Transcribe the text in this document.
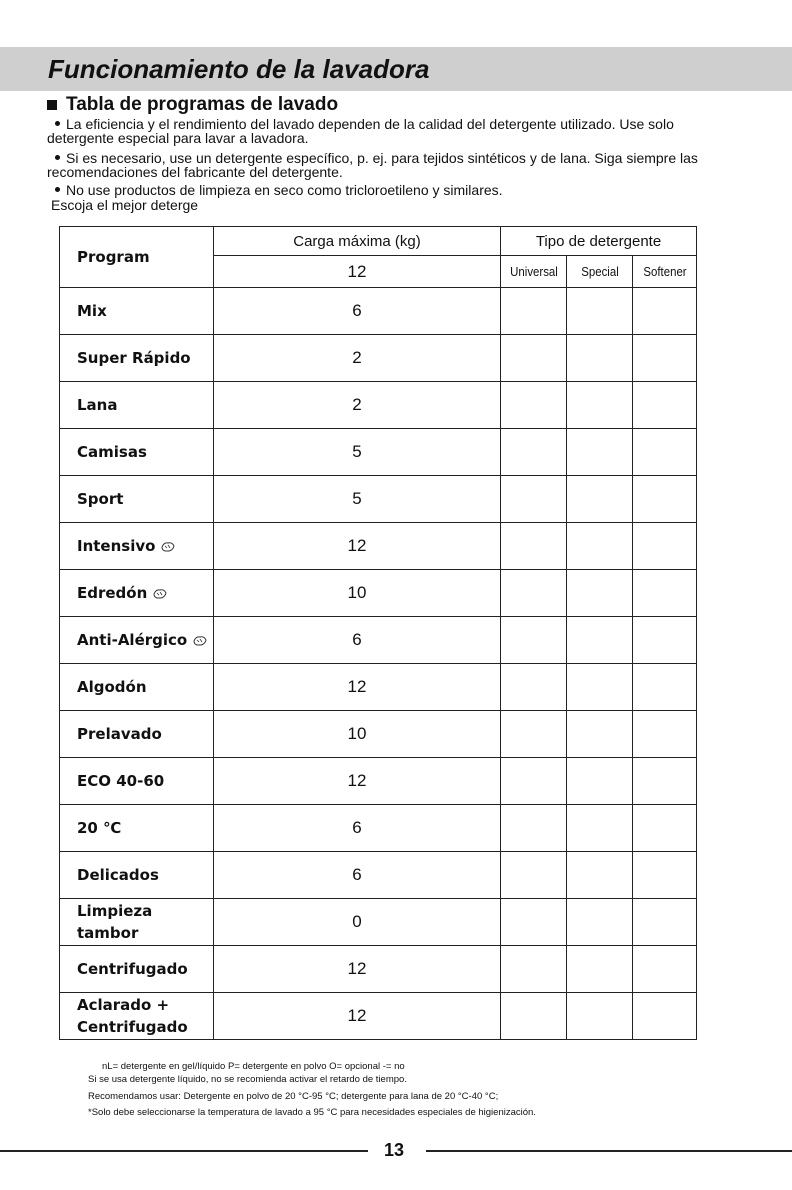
Funcionamiento de la lavadora
Tabla de programas de lavado
La eficiencia y el rendimiento del lavado dependen de la calidad del detergente utilizado. Use solo
detergente especial para lavar a lavadora.
Si es necesario, use un detergente específico, p. ej. para tejidos sintéticos y de lana. Siga siempre las
recomendaciones del fabricante del detergente.
No use productos de limpieza en seco como tricloroetileno y similares.
Escoja el mejor deterge
Program	Carga máxima (kg)	Tipo de detergente		
	12	Universal	Special	Softener
Mix	6			
Super Rápido	2			
Lana	2			
Camisas	5			
Sport	5			
Intensivo	12			
Edredón	10			
Anti-Alérgico	6			
Algodón	12			
Prelavado	10			
ECO 40-60	12			
20 ℃	6			
Delicados	6			
Limpieza tambor	0			
Centrifugado	12			
Aclarado + Centrifugado	12			
nL= detergente en gel/líquido P= detergente en polvo O= opcional -= no
Si se usa detergente líquido, no se recomienda activar el retardo de tiempo.
Recomendamos usar: Detergente en polvo de 20 °C-95 °C; detergente para lana de 20 °C-40 °C;
*Solo debe seleccionarse la temperatura de lavado a 95 °C para necesidades especiales de higienización.
13
